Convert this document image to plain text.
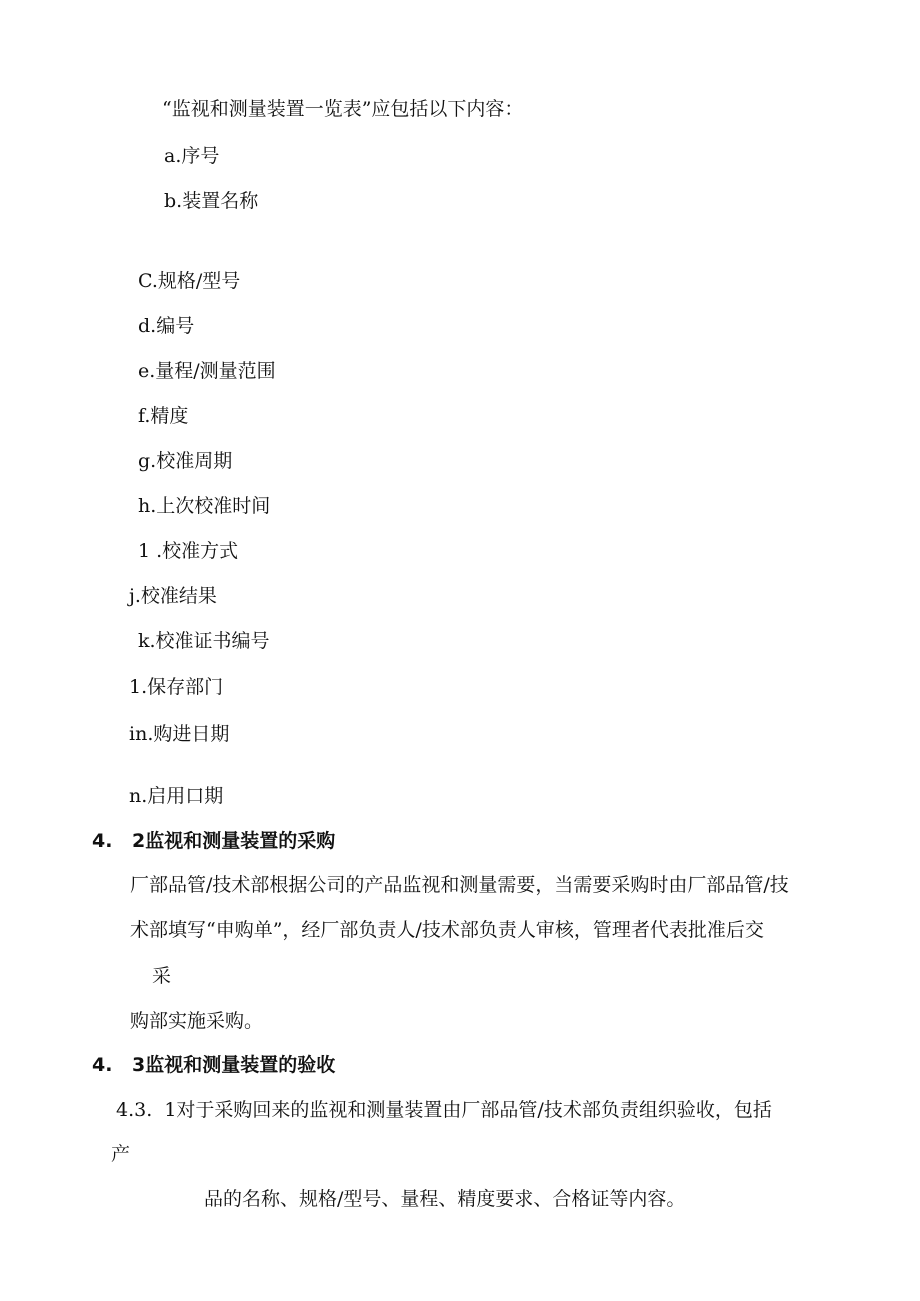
“监视和测量装置一览表”应包括以下内容：

a.序号

b.装置名称

C.规格/型号

d.编号

e.量程/测量范围

f.精度

g.校准周期

h.上次校准时间

1 .校准方式

j.校准结果

k.校准证书编号

1.保存部门

in.购进日期

n.启用口期

4. 2监视和测量装置的采购

厂部品管/技术部根据公司的产品监视和测量需要，当需要采购时由厂部品管/技

术部填写“申购单”，经厂部负责人/技术部负责人审核，管理者代表批准后交

采

购部实施采购。

4. 3监视和测量装置的验收

4.3.  1对于采购回来的监视和测量装置由厂部品管/技术部负责组织验收，包括

产

品的名称、规格/型号、量程、精度要求、合格证等内容。
